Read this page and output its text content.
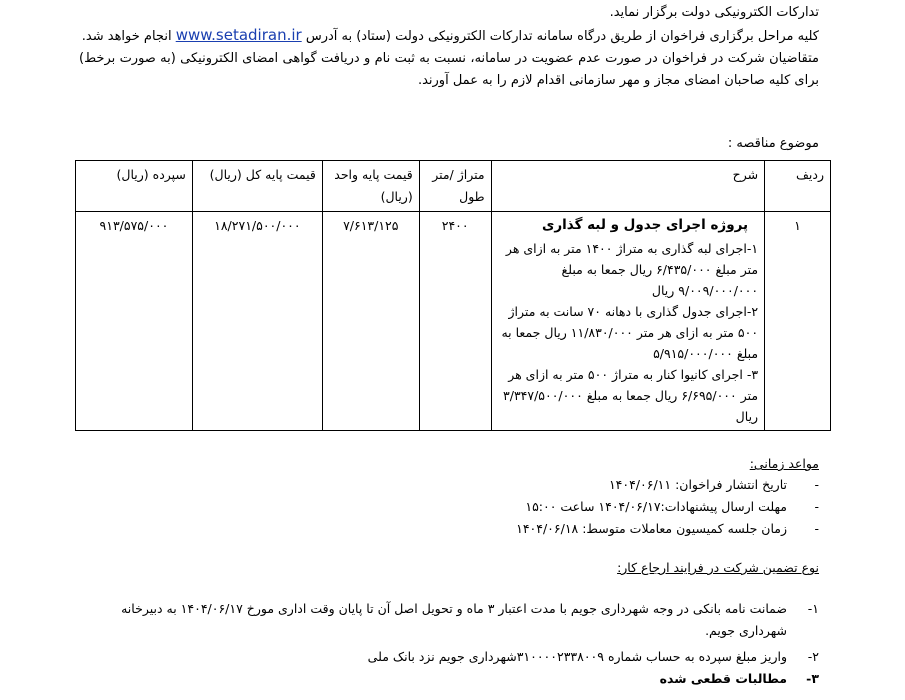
تدارکات الکترونیکی دولت برگزار نماید.

کلیه مراحل برگزاری فراخوان از طریق درگاه سامانه تدارکات الکترونیکی دولت (ستاد) به آدرس www.setadiran.ir انجام خواهد شد.

متقاضیان شرکت در فراخوان در صورت عدم عضویت در سامانه، نسبت به ثبت نام و دریافت گواهی امضای الکترونیکی (به صورت برخط) برای کلیه صاحبان امضای مجاز و مهر سازمانی اقدام لازم را به عمل آورند.

موضوع مناقصه :
ردیف	شرح	متراژ /متر طول	قیمت پایه واحد (ریال)	قیمت پایه کل (ریال)	سپرده (ریال)
۱	پروژه اجرای جدول و لبه گذاری

۱-اجرای لبه گذاری به متراژ ۱۴۰۰ متر به ازای هر متر مبلغ ۶/۴۳۵/۰۰۰ ریال جمعا به مبلغ ۹/۰۰۹/۰۰۰/۰۰۰ ریال

۲-اجرای جدول گذاری با دهانه ۷۰ سانت به متراژ ۵۰۰ متر به ازای هر متر ۱۱/۸۳۰/۰۰۰ ریال جمعا به مبلغ ۵/۹۱۵/۰۰۰/۰۰۰

۳- اجرای کانیوا کنار به متراژ ۵۰۰ متر به ازای هر متر ۶/۶۹۵/۰۰۰ ریال جمعا به مبلغ ۳/۳۴۷/۵۰۰/۰۰۰ ریال	۲۴۰۰	۷/۶۱۳/۱۲۵	۱۸/۲۷۱/۵۰۰/۰۰۰	۹۱۳/۵۷۵/۰۰۰
مواعد زمانی:
-
تاریخ انتشار فراخوان: ۱۴۰۴/۰۶/۱۱
-
مهلت ارسال پیشنهادات:۱۴۰۴/۰۶/۱۷ ساعت ۱۵:۰۰
-
زمان جلسه کمیسیون معاملات متوسط: ۱۴۰۴/۰۶/۱۸
نوع تضمین شرکت در فرایند ارجاع کار:
۱-
ضمانت نامه بانکی در وجه شهرداری جویم با مدت اعتبار ۳ ماه و تحویل اصل آن تا پایان وقت اداری مورخ ۱۴۰۴/۰۶/۱۷ به دبیرخانه شهرداری جویم.
۲-
واریز مبلغ سپرده به حساب شماره ۳۱۰۰۰۰۲۳۳۸۰۰۹شهرداری جویم نزد بانک ملی
۳-
مطالبات قطعی شده
